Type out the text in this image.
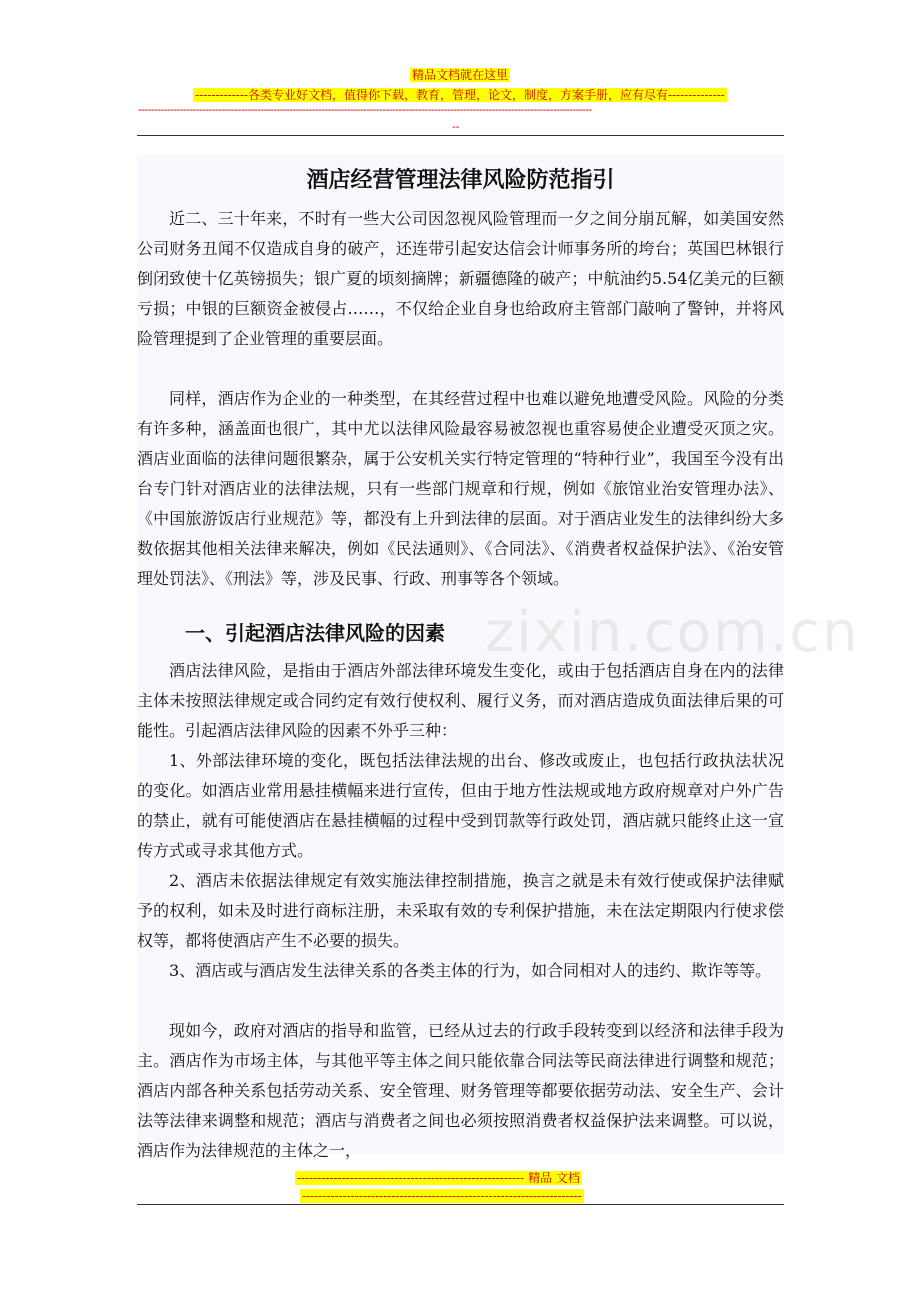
精品文档就在这里
-------------各类专业好文档，值得你下载，教育，管理，论文，制度，方案手册，应有尽有--------------
---------------------------------------------------------------------------------------------------------------------------------------------
--
zixin.com.cn
酒店经营管理法律风险防范指引

近二、三十年来，不时有一些大公司因忽视风险管理而一夕之间分崩瓦解，如美国安然公司财务丑闻不仅造成自身的破产，还连带引起安达信会计师事务所的垮台；英国巴林银行倒闭致使十亿英镑损失；银广夏的顷刻摘牌；新疆德隆的破产；中航油约5.54亿美元的巨额亏损；中银的巨额资金被侵占……，不仅给企业自身也给政府主管部门敲响了警钟，并将风险管理提到了企业管理的重要层面。

同样，酒店作为企业的一种类型，在其经营过程中也难以避免地遭受风险。风险的分类有许多种，涵盖面也很广，其中尤以法律风险最容易被忽视也重容易使企业遭受灭顶之灾。酒店业面临的法律问题很繁杂，属于公安机关实行特定管理的“特种行业”，我国至今没有出台专门针对酒店业的法律法规，只有一些部门规章和行规，例如《旅馆业治安管理办法》、《中国旅游饭店行业规范》等，都没有上升到法律的层面。对于酒店业发生的法律纠纷大多数依据其他相关法律来解决，例如《民法通则》、《合同法》、《消费者权益保护法》、《治安管理处罚法》、《刑法》等，涉及民事、行政、刑事等各个领域。

一、引起酒店法律风险的因素

酒店法律风险，是指由于酒店外部法律环境发生变化，或由于包括酒店自身在内的法律主体未按照法律规定或合同约定有效行使权利、履行义务，而对酒店造成负面法律后果的可能性。引起酒店法律风险的因素不外乎三种：

1、外部法律环境的变化，既包括法律法规的出台、修改或废止，也包括行政执法状况的变化。如酒店业常用悬挂横幅来进行宣传，但由于地方性法规或地方政府规章对户外广告的禁止，就有可能使酒店在悬挂横幅的过程中受到罚款等行政处罚，酒店就只能终止这一宣传方式或寻求其他方式。

2、酒店未依据法律规定有效实施法律控制措施，换言之就是未有效行使或保护法律赋予的权利，如未及时进行商标注册，未采取有效的专利保护措施，未在法定期限内行使求偿权等，都将使酒店产生不必要的损失。

3、酒店或与酒店发生法律关系的各类主体的行为，如合同相对人的违约、欺诈等等。

现如今，政府对酒店的指导和监管，已经从过去的行政手段转变到以经济和法律手段为主。酒店作为市场主体，与其他平等主体之间只能依靠合同法等民商法律进行调整和规范；酒店内部各种关系包括劳动关系、安全管理、财务管理等都要依据劳动法、安全生产、会计法等法律来调整和规范；酒店与消费者之间也必须按照消费者权益保护法来调整。可以说，酒店作为法律规范的主体之一，

-------------------------------------------------------- 精品 文档
---------------------------------------------------------------------
